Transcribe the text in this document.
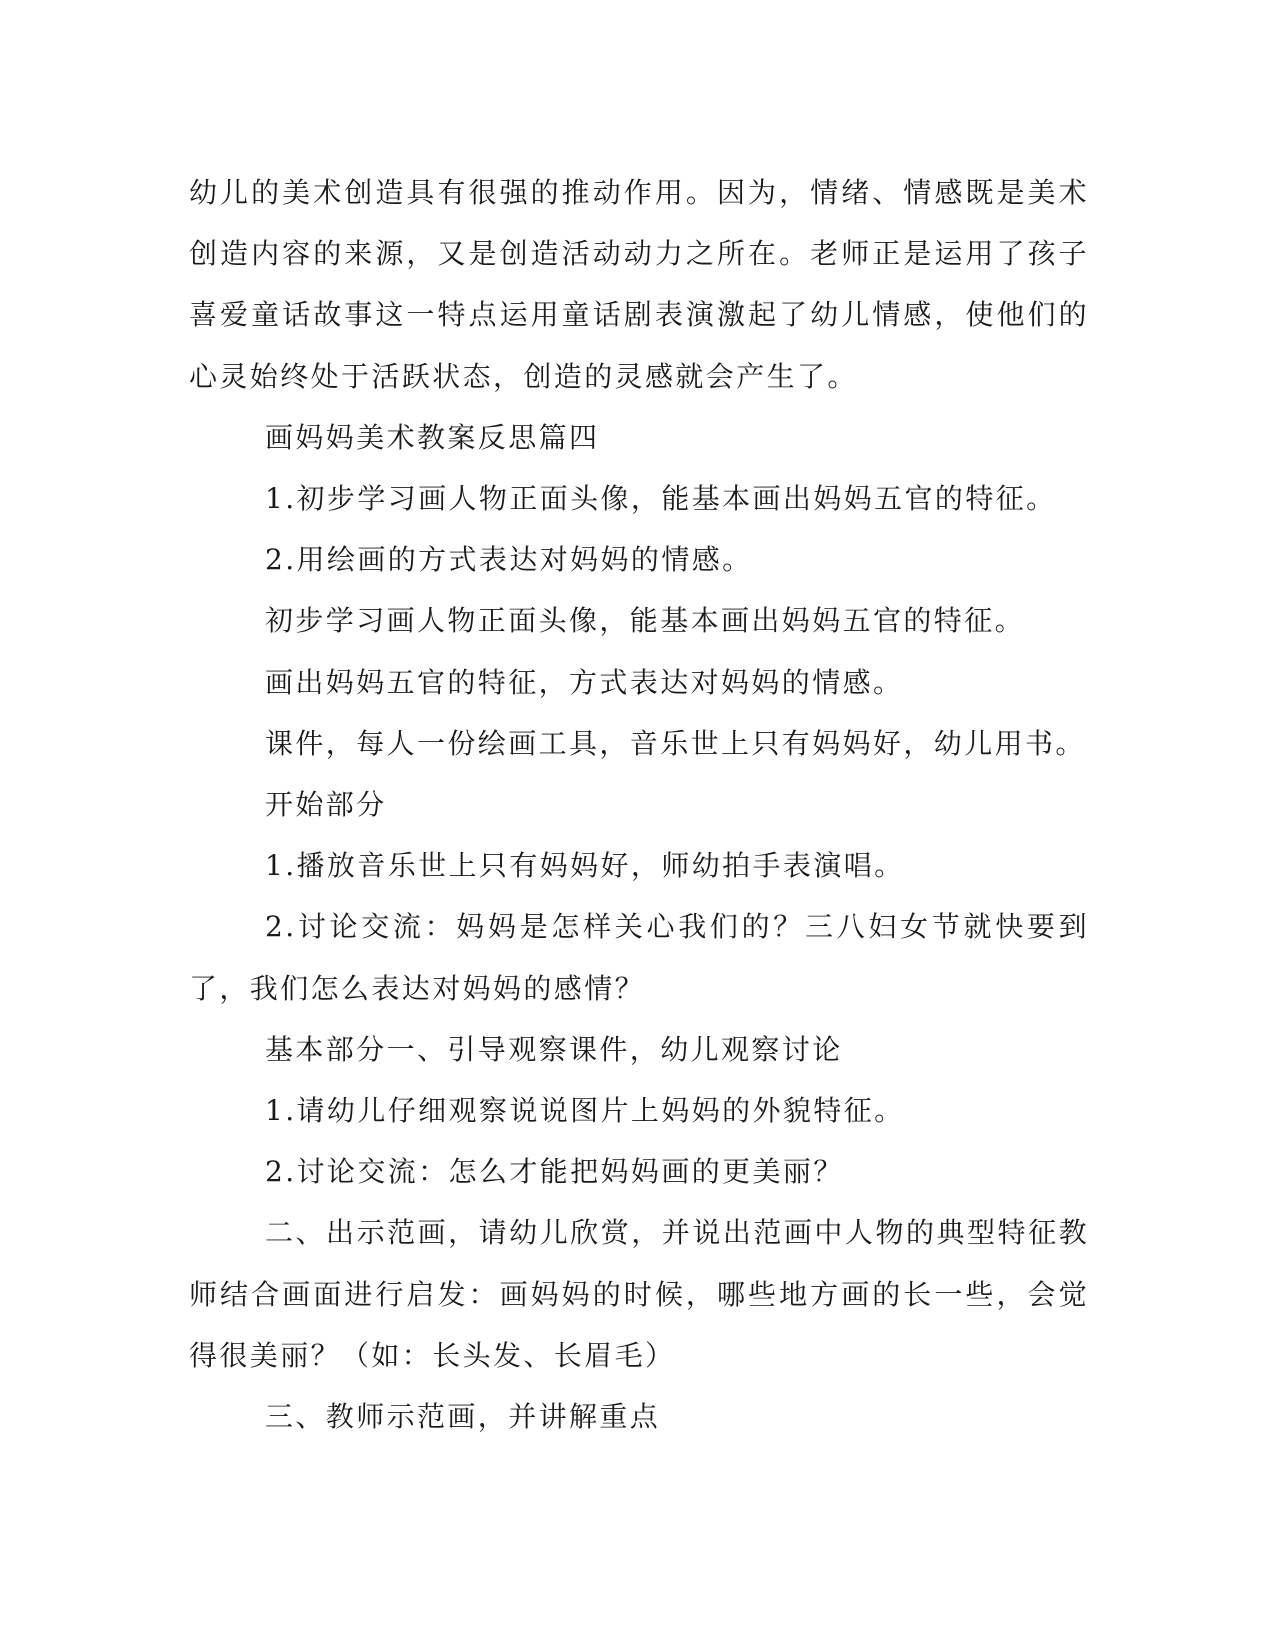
幼儿的美术创造具有很强的推动作用。因为，情绪、情感既是美术创造内容的来源，又是创造活动动力之所在。老师正是运用了孩子喜爱童话故事这一特点运用童话剧表演激起了幼儿情感，使他们的心灵始终处于活跃状态，创造的灵感就会产生了。

画妈妈美术教案反思篇四

1.初步学习画人物正面头像，能基本画出妈妈五官的特征。

2.用绘画的方式表达对妈妈的情感。

初步学习画人物正面头像，能基本画出妈妈五官的特征。

画出妈妈五官的特征，方式表达对妈妈的情感。

课件，每人一份绘画工具，音乐世上只有妈妈好，幼儿用书。

开始部分

1.播放音乐世上只有妈妈好，师幼拍手表演唱。

2.讨论交流：妈妈是怎样关心我们的？三八妇女节就快要到了，我们怎么表达对妈妈的感情？

基本部分一、引导观察课件，幼儿观察讨论

1.请幼儿仔细观察说说图片上妈妈的外貌特征。

2.讨论交流：怎么才能把妈妈画的更美丽？

二、出示范画，请幼儿欣赏，并说出范画中人物的典型特征教师结合画面进行启发：画妈妈的时候，哪些地方画的长一些，会觉得很美丽？（如：长头发、长眉毛）

三、教师示范画，并讲解重点
